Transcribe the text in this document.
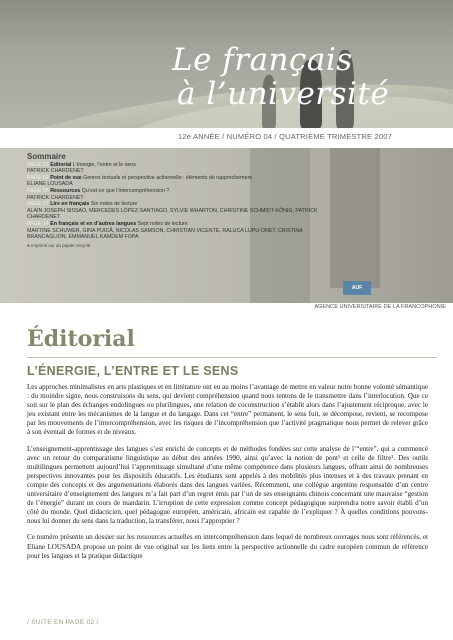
Le français
à l’université
12e ANNÉE / NUMÉRO 04 / QUATRIÈME TRIMESTRE 2007
Sommaire
PAGE 01 Editorial L’énergie, l’entre et le sens
PATRICK CHARDENET
PAGE 02 Point de vue Genres textuels et perspective actionnelle : éléments de rapprochement
ELIANE LOUSADA
PAGE 05 Ressources Qu’est-ce que l’intercompréhension ?
PATRICK CHARDENET
PAGE 07 Lire en français Six notes de lecture
ALAIN JOSEPH SISSAO, MERCEDES LÓPEZ-SANTIAGO, SYLVIE WHARTON, CHRISTINE SCHMIDT-KÖNIG, PATRICK CHARDENET
PAGE 14 En français et en d’autres langues Sept notes de lecture
MARTINE SCHUWER, GINA PUICĂ, NICOLAS SAMSON, CHRISTIAN VICENTE, RALUCA LUPU-ONET, CRISTINA BRANCAGLION, EMMANUEL KAMDEM FOPA
● Imprimé sur du papier recyclé
AUF
AGENCE UNIVERSITAIRE DE LA FRANCOPHONIE
Éditorial
L’ÉNERGIE, L’ENTRE ET LE SENS

Les approches minimalistes en arts plastiques et en littérature ont eu au moins l’avantage de mettre en valeur notre bonne volonté sémantique : du moindre signe, nous construisons du sens, qui devient compréhension quand nous tentons de le transmettre dans l’interlocution. Que ce soit sur le plan des échanges endolingues ou plurilingues, une relation de coconstruction s’établit alors dans l’ajustement réciproque, avec le jeu existant entre les mécanismes de la langue et du langage. Dans cet “entre” permanent, le sens fuit, se décompose, revient, se recompose par les mouvements de l’intercompréhension, avec les risques de l’incompréhension que l’activité pragmatique nous permet de relever grâce à son éventail de formes et de niveaux.

L’enseignement-apprentissage des langues s’est enrichi de concepts et de méthodes fondées sur cette analyse de l’“entre”, qui a commencé avec un retour du comparatisme linguistique au début des années 1990, ainsi qu’avec la notion de pont¹ et celle de filtre². Des outils multilingues permettent aujourd’hui l’apprentissage simultané d’une même compétence dans plusieurs langues, offrant ainsi de nombreuses perspectives innovantes pour les dispositifs éducatifs. Les étudiants sont appelés à des mobilités plus intenses et à des travaux prenant en compte des concepts et des argumentations élaborés dans des langues variées. Récemment, une collègue argentine responsable d’un centre universitaire d’enseignement des langues m’a fait part d’un regret émis par l’un de ses enseignants chinois concernant une mauvaise “gestion de l’énergie” durant un cours de mandarin. L’irruption de cette expression comme concept pédagogique surprendra notre savoir établi d’un côté du monde. Quel didacticien, quel pédagogue européen, américain, africain est capable de l’expliquer ? À quelles conditions pouvons-nous lui donner du sens dans la traduction, la transférer, nous l’approprier ?

Ce numéro présente un dossier sur les ressources actuelles en intercompréhension dans lequel de nombreux ouvrages nous sont référencés, et Eliane LOUSADA propose un point de vue original sur les liens entre la perspective actionnelle du cadre européen commun de référence pour les langues et la pratique didactique

/ SUITE EN PAGE 02 /
